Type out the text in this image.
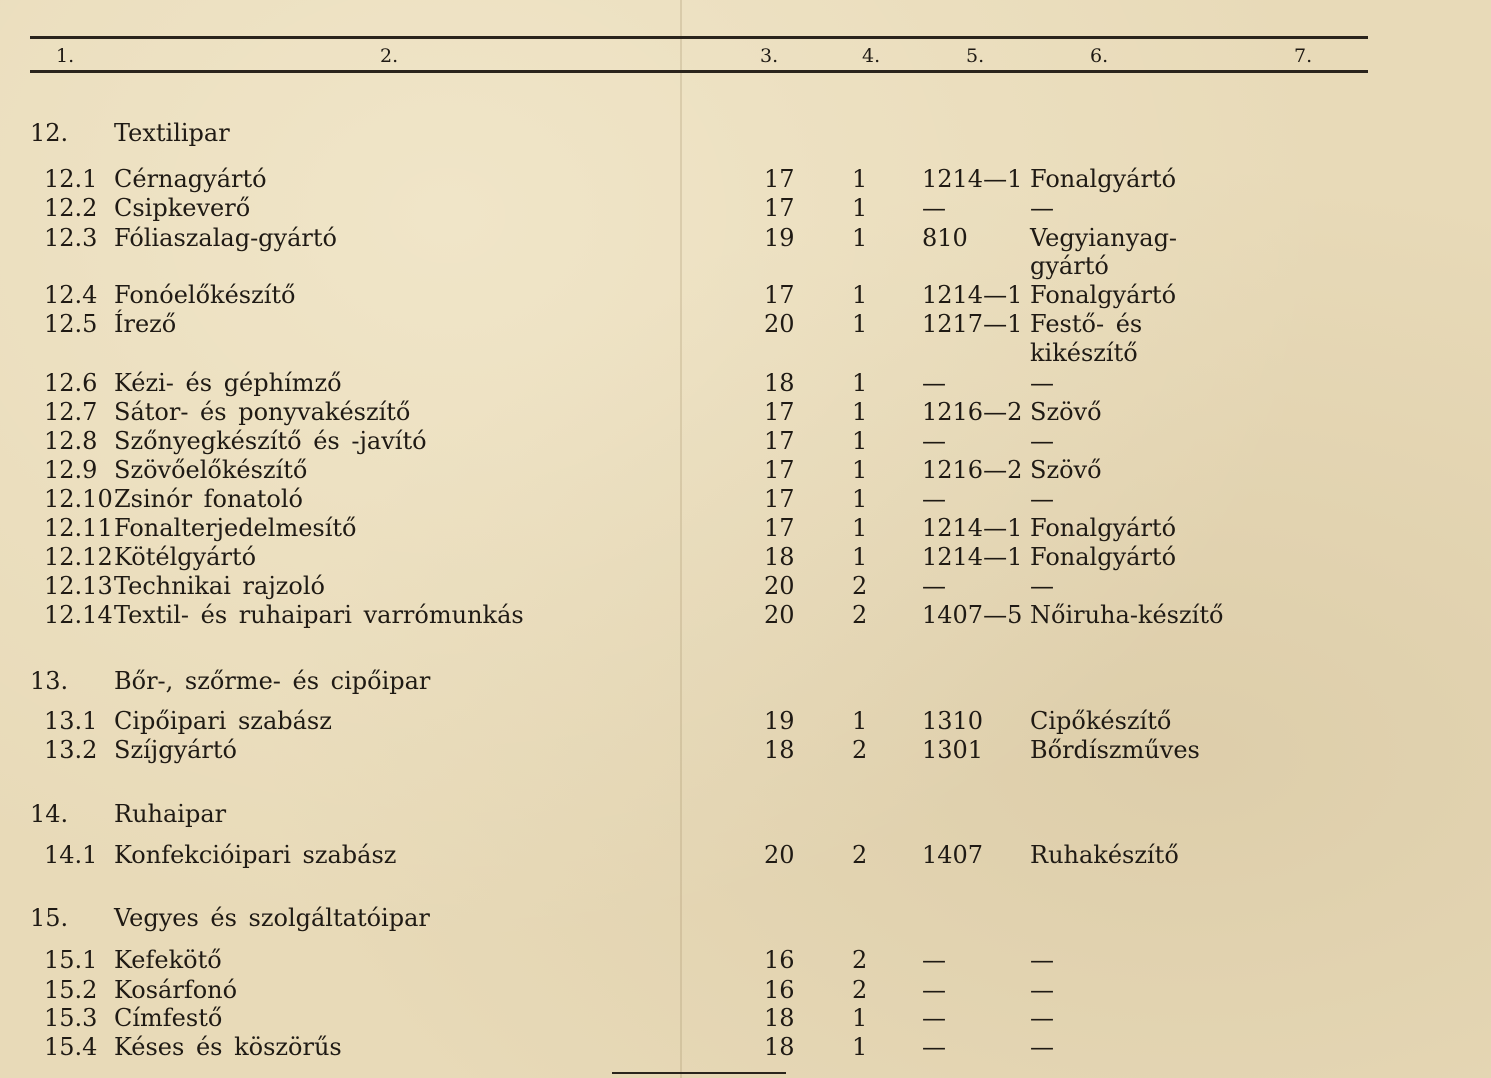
1.	2.	3.	4.	5.	6.	7.
12. Textilipar
12.1 Cérnagyártó	17 1 1214—1 Fonalgyártó
12.2 Csipkeverő	17 1 —	—
12.3 Fóliaszalag-gyártó	19 1 810	Vegyianyag-
gyártó
12.4 Fonóelőkészítő	17 1 1214—1 Fonalgyártó
12.5 Írező	20 1 1217—1 Festő- és
kikészítő
12.6 Kézi- és géphímző	18 1 —	—
12.7 Sátor- és ponyvakészítő	17 1 1216—2 Szövő
12.8 Szőnyegkészítő és -javító	17 1 —	—
12.9 Szövőelőkészítő	17 1 1216—2 Szövő
12.10 Zsinór fonatoló	17 1 —	—
12.11 Fonalterjedelmesítő	17 1 1214—1 Fonalgyártó
12.12 Kötélgyártó	18 1 1214—1 Fonalgyártó
12.13 Technikai rajzoló	20 2 —	—
12.14 Textil- és ruhaipari varrómunkás	20 2 1407—5 Nőiruha-készítő
13. Bőr-, szőrme- és cipőipar
13.1 Cipőipari szabász	19 1 1310 Cipőkészítő
13.2 Szíjgyártó	18 2 1301 Bőrdíszműves
14. Ruhaipar
14.1 Konfekcióipari szabász	20 2 1407 Ruhakészítő
15. Vegyes és szolgáltatóipar
15.1 Kefekötő	16 2 —	—
15.2 Kosárfonó	16 2 —	—
15.3 Címfestő	18 1 —	—
15.4 Késes és köszörűs	18 1 —	—
